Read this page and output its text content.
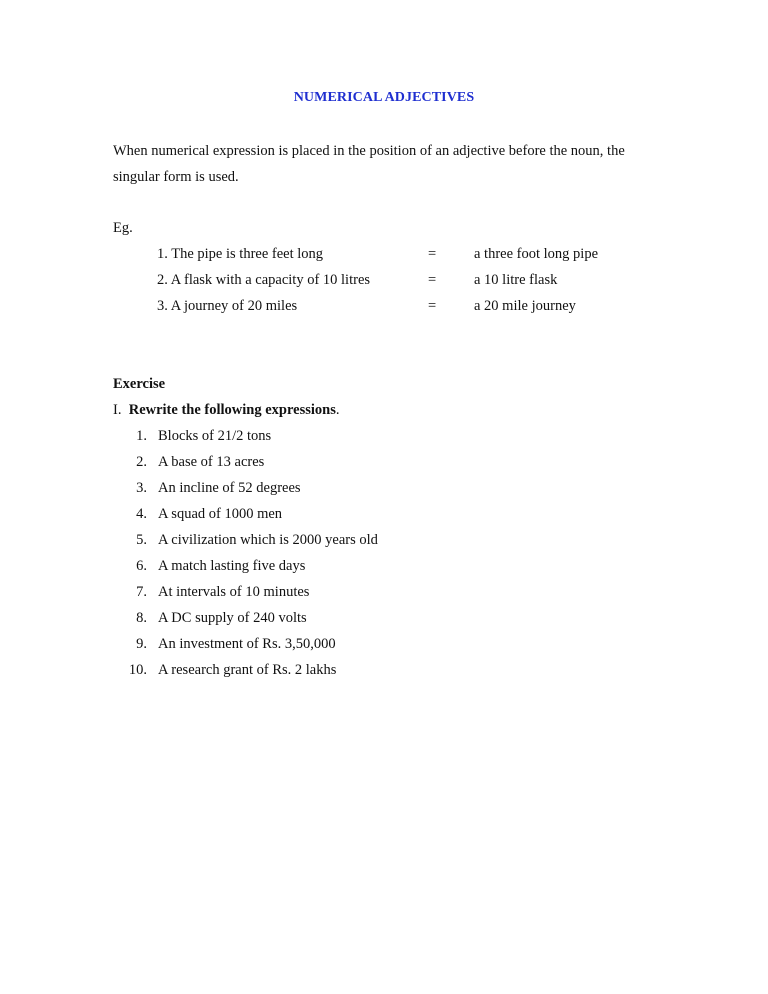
NUMERICAL ADJECTIVES
When numerical expression is placed in the position of an adjective before the noun, the
singular form is used.
Eg.
1. The pipe is three feet long	=	a three foot long pipe
2. A flask with a capacity of 10 litres	=	a 10 litre flask
3. A journey of 20 miles	=	a 20 mile journey
Exercise
I. Rewrite the following expressions.
1. Blocks of 21/2 tons
2. A base of 13 acres
3. An incline of 52 degrees
4. A squad of 1000 men
5. A civilization which is 2000 years old
6. A match lasting five days
7. At intervals of 10 minutes
8. A DC supply of 240 volts
9. An investment of Rs. 3,50,000
10. A research grant of Rs. 2 lakhs
